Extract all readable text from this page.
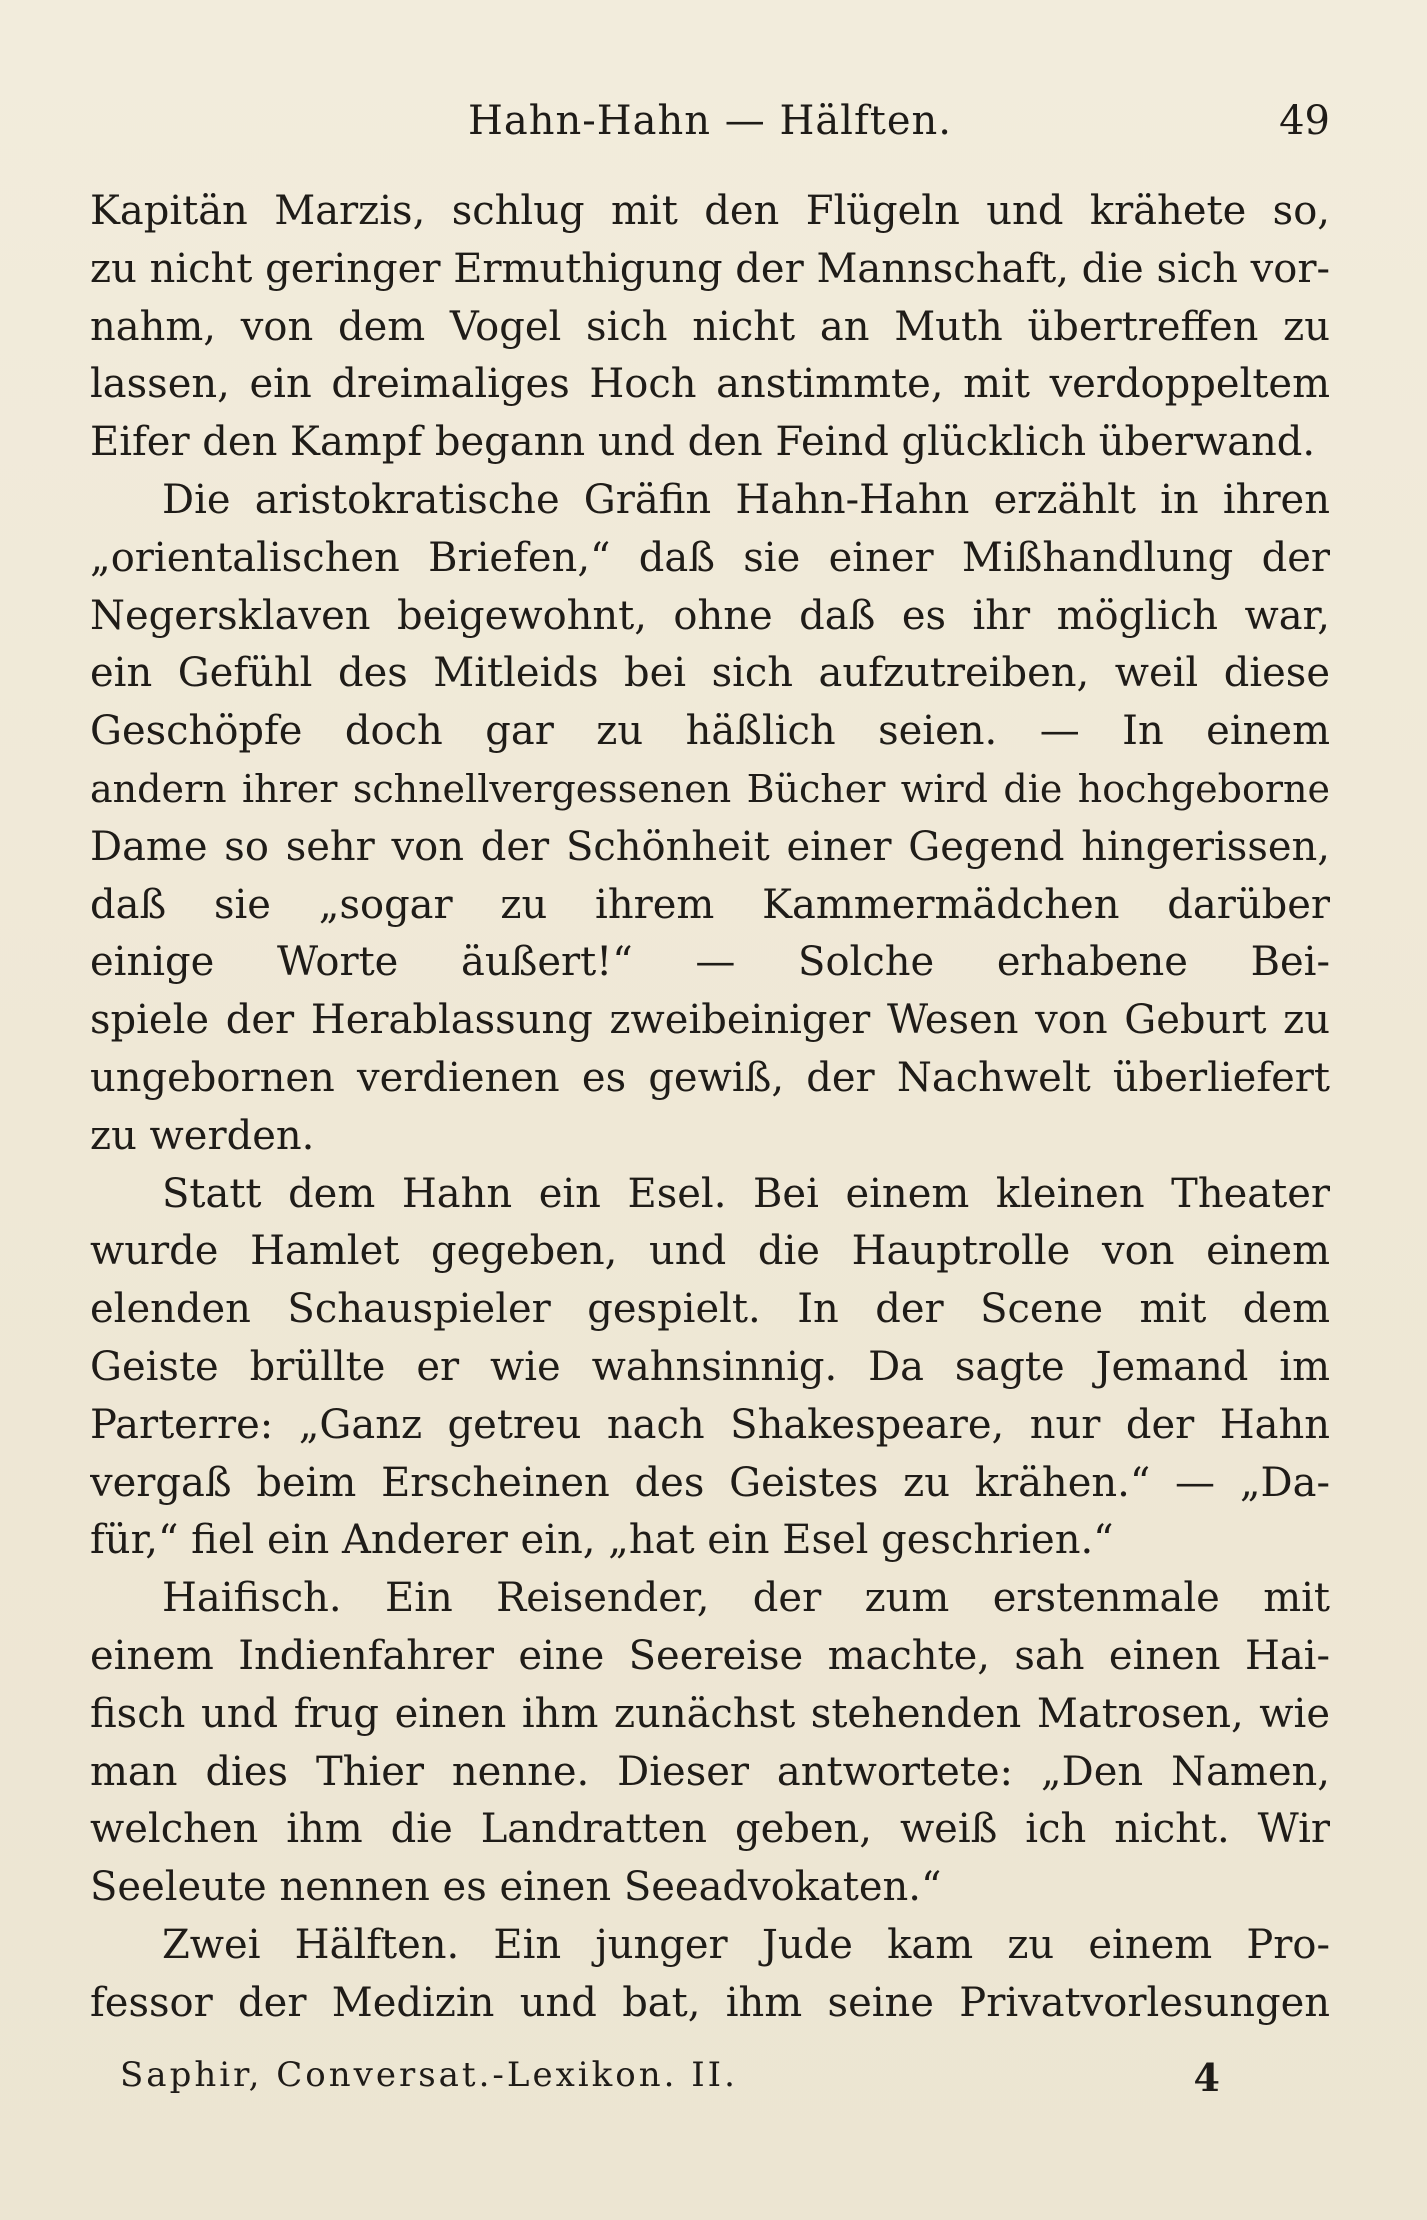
Hahn-Hahn — Hälften.	49
Kapitän Marzis, schlug mit den Flügeln und krähete so,
zu nicht geringer Ermuthigung der Mannschaft, die sich vor-
nahm, von dem Vogel sich nicht an Muth übertreffen zu
lassen, ein dreimaliges Hoch anstimmte, mit verdoppeltem
Eifer den Kampf begann und den Feind glücklich überwand.
Die aristokratische Gräfin Hahn-Hahn erzählt in ihren
„orientalischen Briefen,“ daß sie einer Mißhandlung der
Negersklaven beigewohnt, ohne daß es ihr möglich war,
ein Gefühl des Mitleids bei sich aufzutreiben, weil diese
Geschöpfe doch gar zu häßlich seien. — In einem
andern ihrer schnellvergessenen Bücher wird die hochgeborne
Dame so sehr von der Schönheit einer Gegend hingerissen,
daß sie „sogar zu ihrem Kammermädchen darüber
einige Worte äußert!“ — Solche erhabene Bei-
spiele der Herablassung zweibeiniger Wesen von Geburt zu
ungebornen verdienen es gewiß, der Nachwelt überliefert
zu werden.
Statt dem Hahn ein Esel. Bei einem kleinen Theater
wurde Hamlet gegeben, und die Hauptrolle von einem
elenden Schauspieler gespielt. In der Scene mit dem
Geiste brüllte er wie wahnsinnig. Da sagte Jemand im
Parterre: „Ganz getreu nach Shakespeare, nur der Hahn
vergaß beim Erscheinen des Geistes zu krähen.“ — „Da-
für,“ fiel ein Anderer ein, „hat ein Esel geschrien.“
Haifisch. Ein Reisender, der zum erstenmale mit
einem Indienfahrer eine Seereise machte, sah einen Hai-
fisch und frug einen ihm zunächst stehenden Matrosen, wie
man dies Thier nenne. Dieser antwortete: „Den Namen,
welchen ihm die Landratten geben, weiß ich nicht. Wir
Seeleute nennen es einen Seeadvokaten.“
Zwei Hälften. Ein junger Jude kam zu einem Pro-
fessor der Medizin und bat, ihm seine Privatvorlesungen
Saphir, Conversat.-Lexikon. II.	4
